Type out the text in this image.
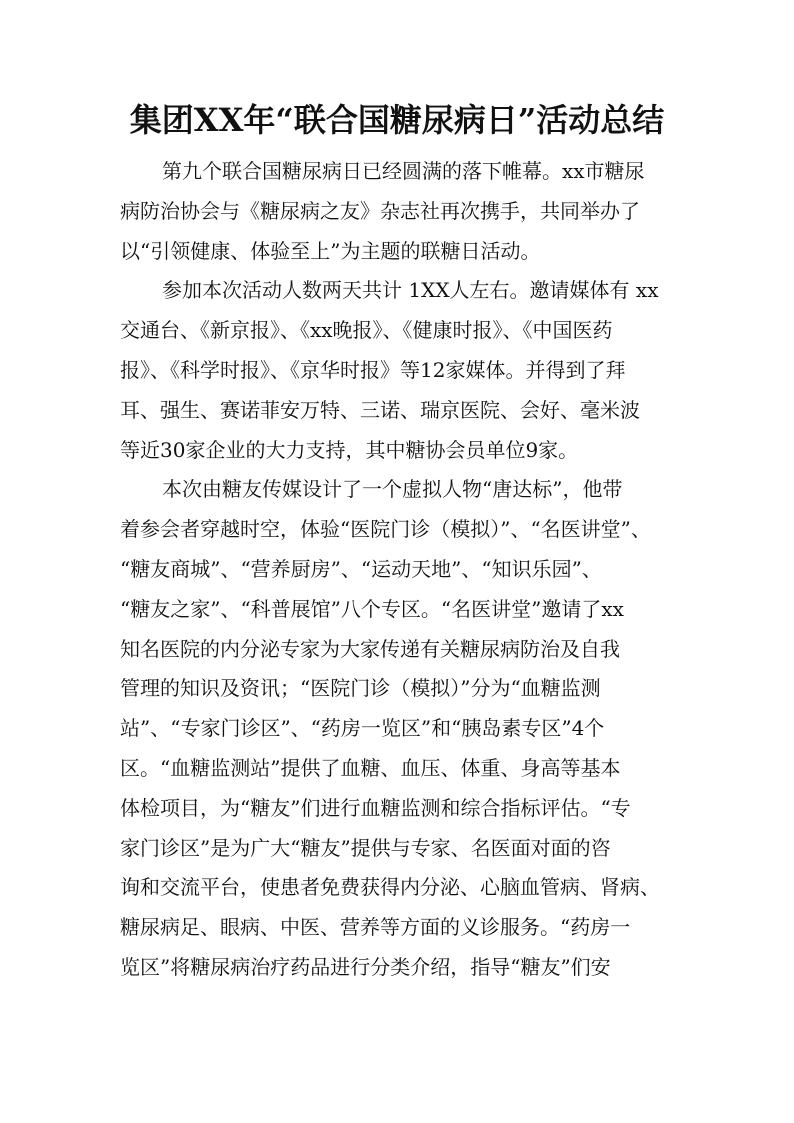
集团XX年“联合国糖尿病日”活动总结
第九个联合国糖尿病日已经圆满的落下帷幕。xx市糖尿
病防治协会与《糖尿病之友》杂志社再次携手，共同举办了
以“引领健康、体验至上”为主题的联糖日活动。
参加本次活动人数两天共计 1XX人左右。邀请媒体有 xx
交通台、《新京报》、《xx晚报》、《健康时报》、《中国医药
报》、《科学时报》、《京华时报》等12家媒体。并得到了拜
耳、强生、赛诺菲安万特、三诺、瑞京医院、会好、毫米波
等近30家企业的大力支持，其中糖协会员单位9家。
本次由糖友传媒设计了一个虚拟人物“唐达标”，他带
着参会者穿越时空，体验“医院门诊（模拟）”、“名医讲堂”、
“糖友商城”、“营养厨房”、“运动天地”、“知识乐园”、
“糖友之家”、“科普展馆”八个专区。“名医讲堂”邀请了xx
知名医院的内分泌专家为大家传递有关糖尿病防治及自我
管理的知识及资讯；“医院门诊（模拟）”分为“血糖监测
站”、“专家门诊区”、“药房一览区”和“胰岛素专区”4个
区。“血糖监测站”提供了血糖、血压、体重、身高等基本
体检项目，为“糖友”们进行血糖监测和综合指标评估。“专
家门诊区”是为广大“糖友”提供与专家、名医面对面的咨
询和交流平台，使患者免费获得内分泌、心脑血管病、肾病、
糖尿病足、眼病、中医、营养等方面的义诊服务。“药房一
览区”将糖尿病治疗药品进行分类介绍，指导“糖友”们安
